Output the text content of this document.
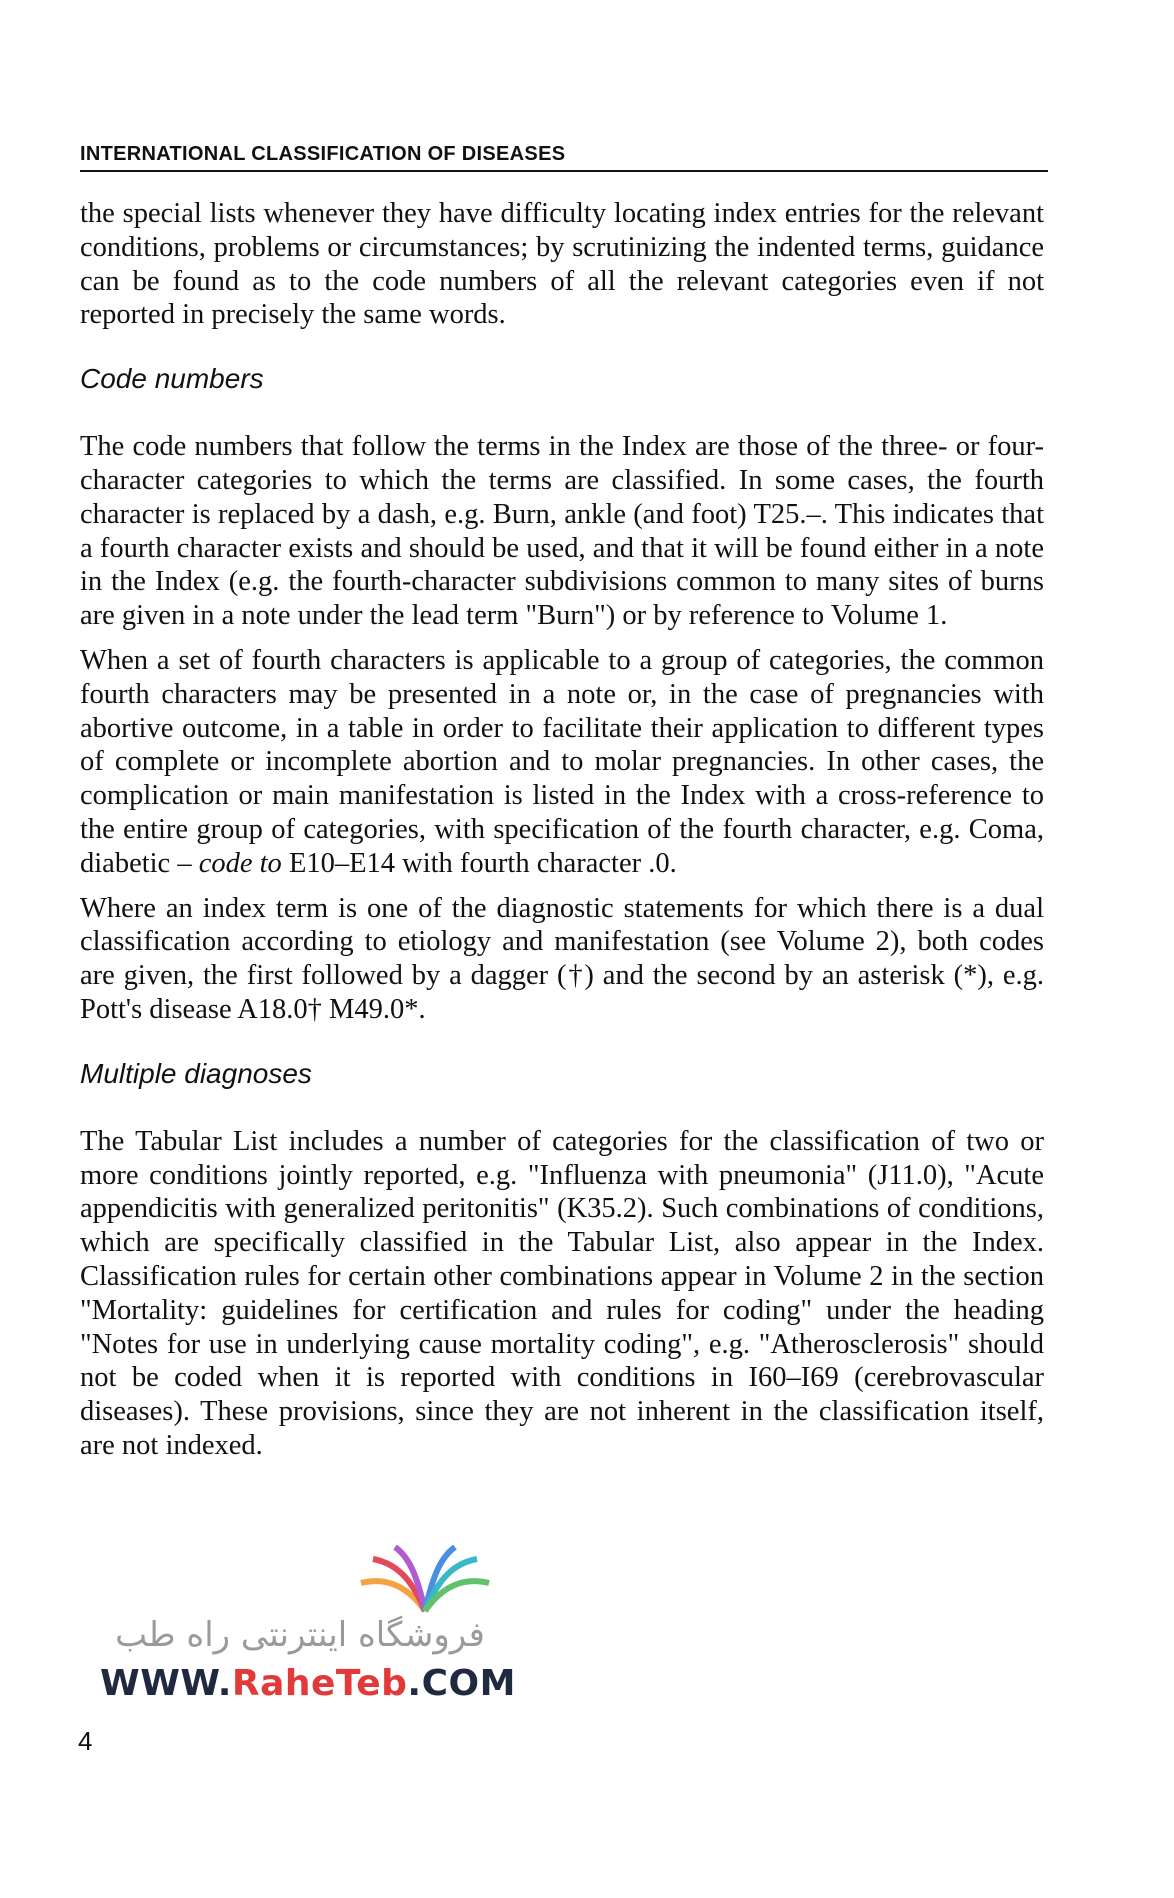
INTERNATIONAL CLASSIFICATION OF DISEASES

the special lists whenever they have difficulty locating index entries for the relevant conditions, problems or circumstances; by scrutinizing the indented terms, guidance can be found as to the code numbers of all the relevant categories even if not reported in precisely the same words.

Code numbers

The code numbers that follow the terms in the Index are those of the three- or four-character categories to which the terms are classified. In some cases, the fourth character is replaced by a dash, e.g. Burn, ankle (and foot) T25.–. This indicates that a fourth character exists and should be used, and that it will be found either in a note in the Index (e.g. the fourth-character subdivisions common to many sites of burns are given in a note under the lead term "Burn") or by reference to Volume 1.

When a set of fourth characters is applicable to a group of categories, the common fourth characters may be presented in a note or, in the case of pregnancies with abortive outcome, in a table in order to facilitate their application to different types of complete or incomplete abortion and to molar pregnancies. In other cases, the complication or main manifestation is listed in the Index with a cross-reference to the entire group of categories, with specification of the fourth character, e.g. Coma, diabetic – code to E10–E14 with fourth character .0.

Where an index term is one of the diagnostic statements for which there is a dual classification according to etiology and manifestation (see Volume 2), both codes are given, the first followed by a dagger (†) and the second by an asterisk (*), e.g. Pott's disease A18.0† M49.0*.

Multiple diagnoses

The Tabular List includes a number of categories for the classification of two or more conditions jointly reported, e.g. "Influenza with pneumonia" (J11.0), "Acute appendicitis with generalized peritonitis" (K35.2). Such combinations of conditions, which are specifically classified in the Tabular List, also appear in the Index. Classification rules for certain other combinations appear in Volume 2 in the section "Mortality: guidelines for certification and rules for coding" under the heading "Notes for use in underlying cause mortality coding", e.g. "Atherosclerosis" should not be coded when it is reported with conditions in I60–I69 (cerebrovascular diseases). These provisions, since they are not inherent in the classification itself, are not indexed.

فروشگاه اینترنتی راه طب
WWW.RaheTeb.COM
4
